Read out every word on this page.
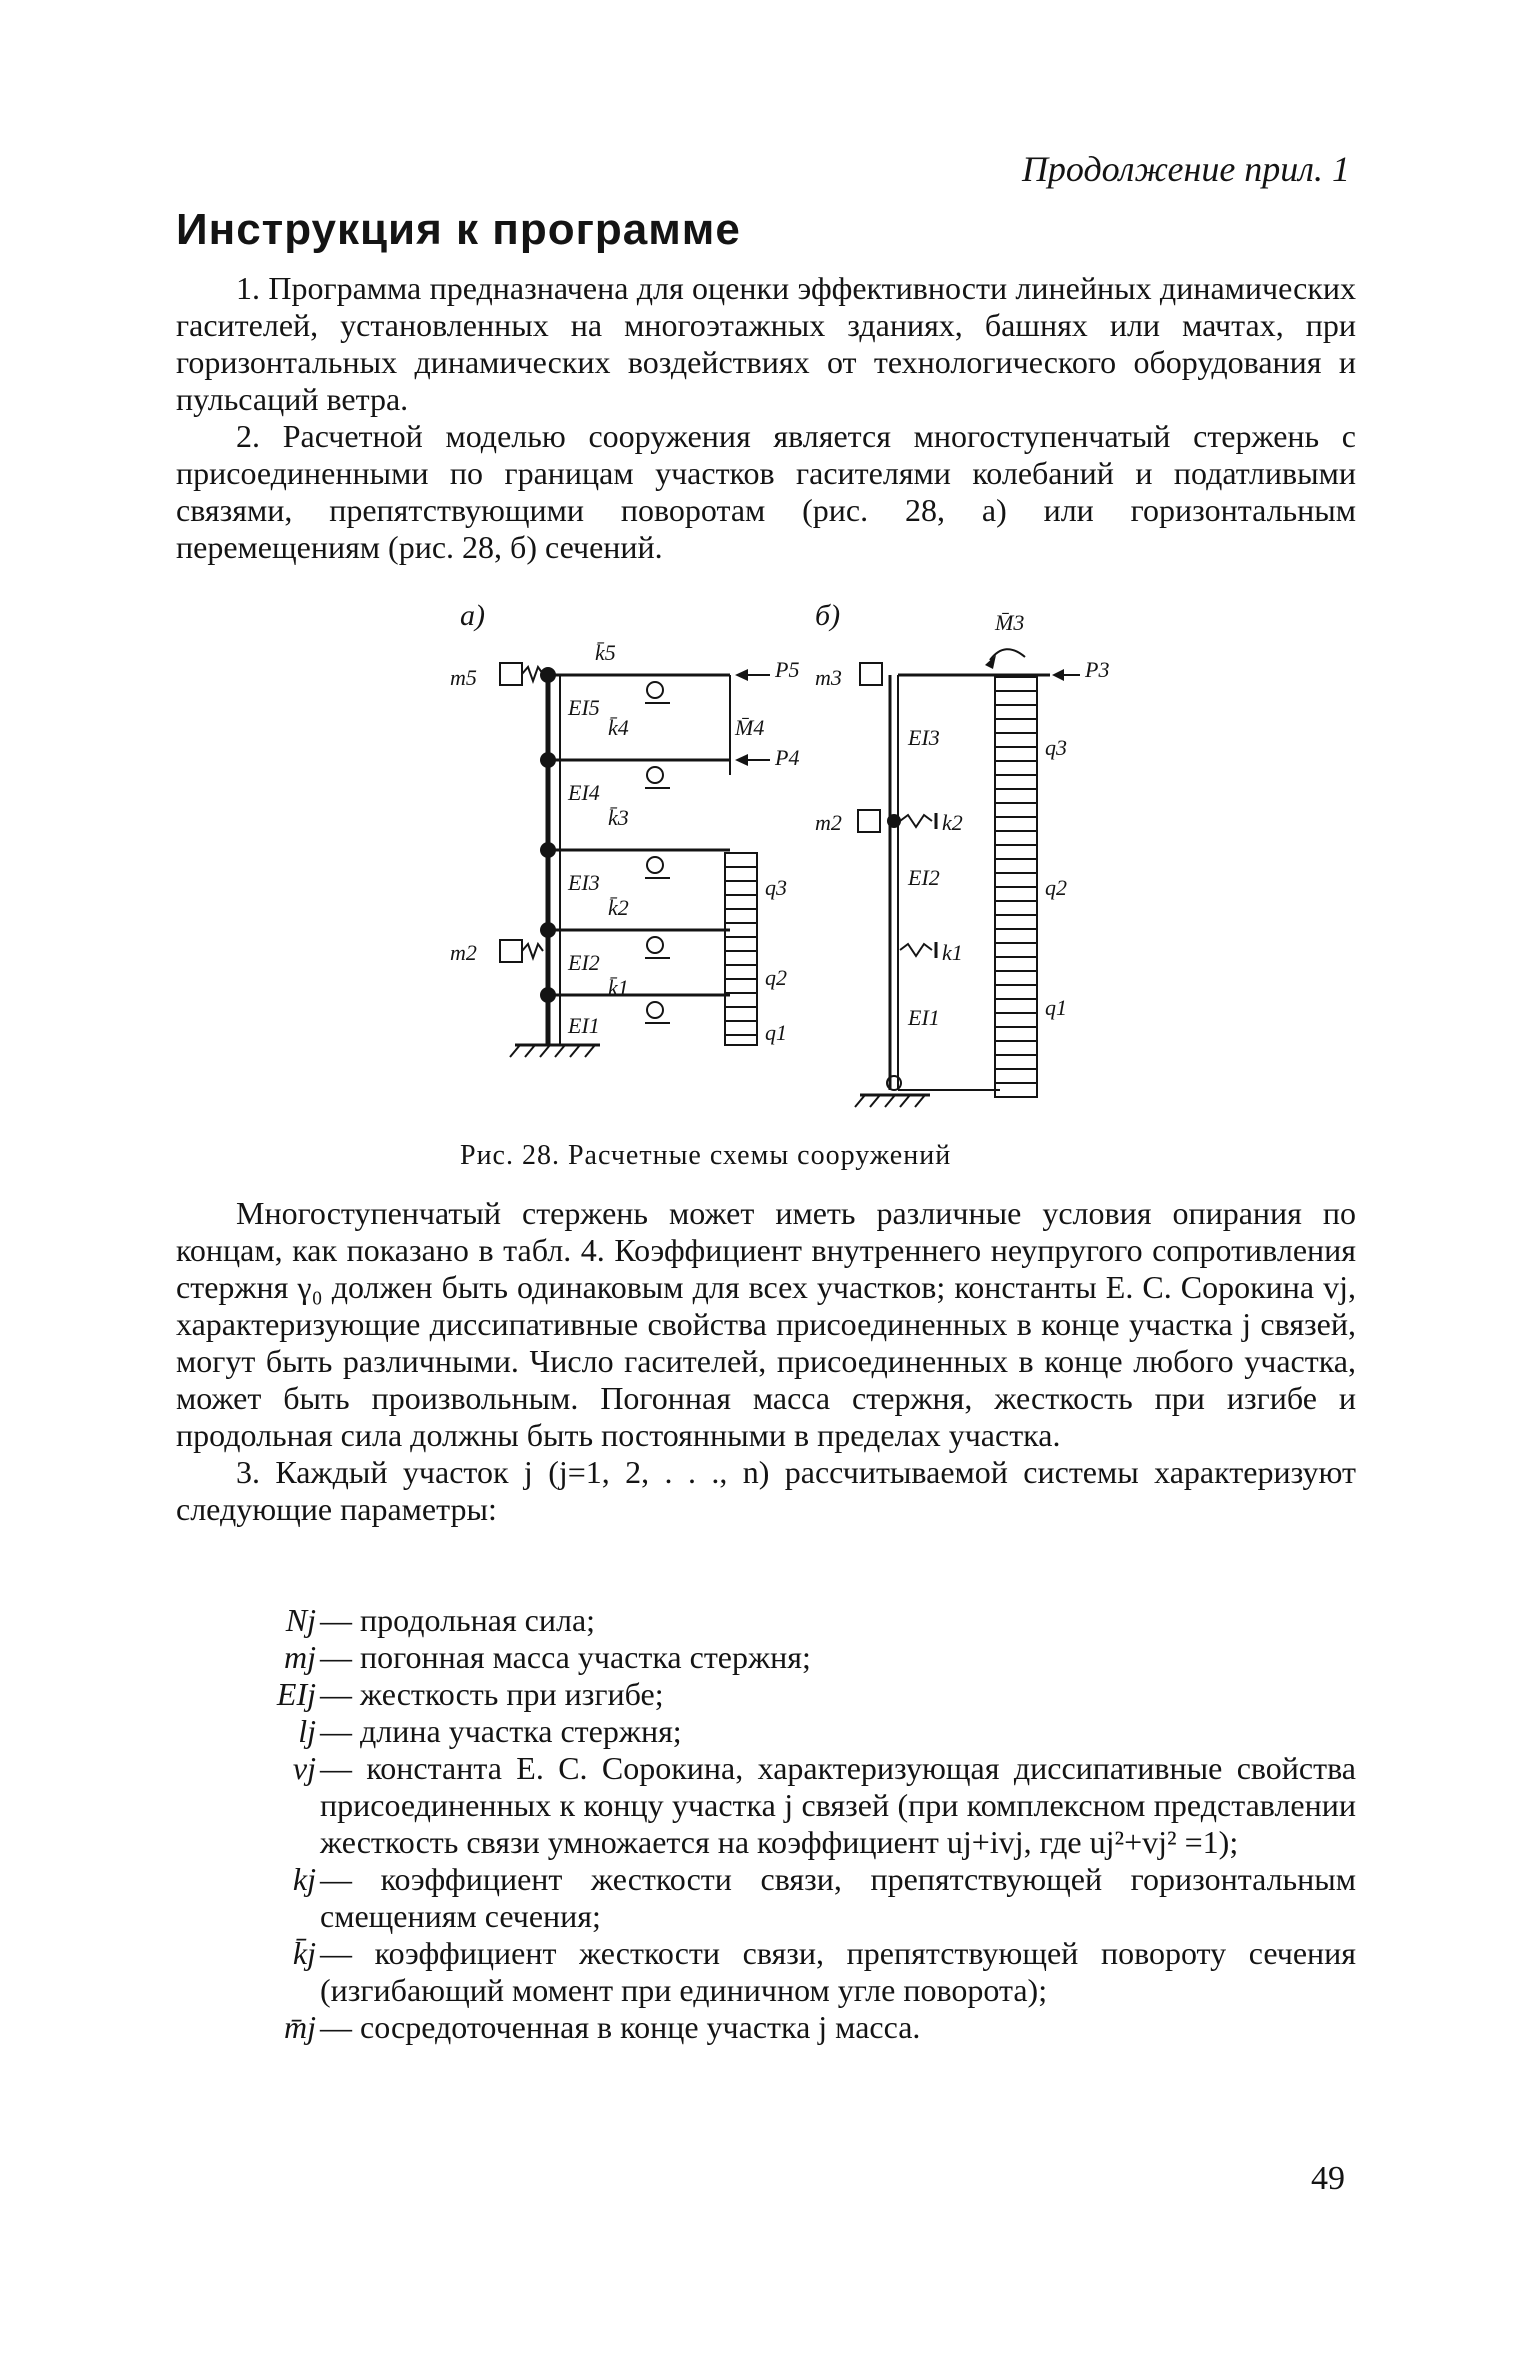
Продолжение прил. 1
Инструкция к программе

1. Программа предназначена для оценки эффективности линейных динамических гасителей, установленных на многоэтажных зданиях, башнях или мачтах, при горизонтальных динамических воздействиях от технологического оборудования и пульсаций ветра.

2. Расчетной моделью сооружения является многоступенчатый стержень с присоединенными по границам участков гасителями колебаний и податливыми связями, препятствующими поворотам (рис. 28, а) или горизонтальным перемещениям (рис. 28, б) сечений.

а)
k̄5
EI5
k̄4
EI4
k̄3
EI3
k̄2
EI2
k̄1
EI1
m5
m2
P5
M̄4
P4
q3
q2
q1
б)	M̄3
P3
m3
m2
EI3
EI2
EI1
k2
k1
q3
q2
q1
Рис. 28. Расчетные схемы сооружений

Многоступенчатый стержень может иметь различные условия опирания по концам, как показано в табл. 4. Коэффициент внутреннего неупругого сопротивления стержня γ₀ должен быть одинаковым для всех участков; константы Е. С. Сорокина vj, характеризующие диссипативные свойства присоединенных в конце участка j связей, могут быть различными. Число гасителей, присоединенных в конце любого участка, может быть произвольным. Погонная масса стержня, жесткость при изгибе и продольная сила должны быть постоянными в пределах участка.

3. Каждый участок j (j=1, 2, . . ., n) рассчитываемой системы характеризуют следующие параметры:

Nj — продольная сила;
mj — погонная масса участка стержня;
EIj — жесткость при изгибе;
lj — длина участка стержня;
vj — константа Е. С. Сорокина, характеризующая диссипативные свойства присоединенных к концу участка j связей (при комплексном представлении жесткость связи умножается на коэффициент uj+ivj, где uj²+vj² =1);
kj — коэффициент жесткости связи, препятствующей горизонтальным смещениям сечения;
k̄j — коэффициент жесткости связи, препятствующей повороту сечения (изгибающий момент при единичном угле поворота);
m̄j — сосредоточенная в конце участка j масса.
49
